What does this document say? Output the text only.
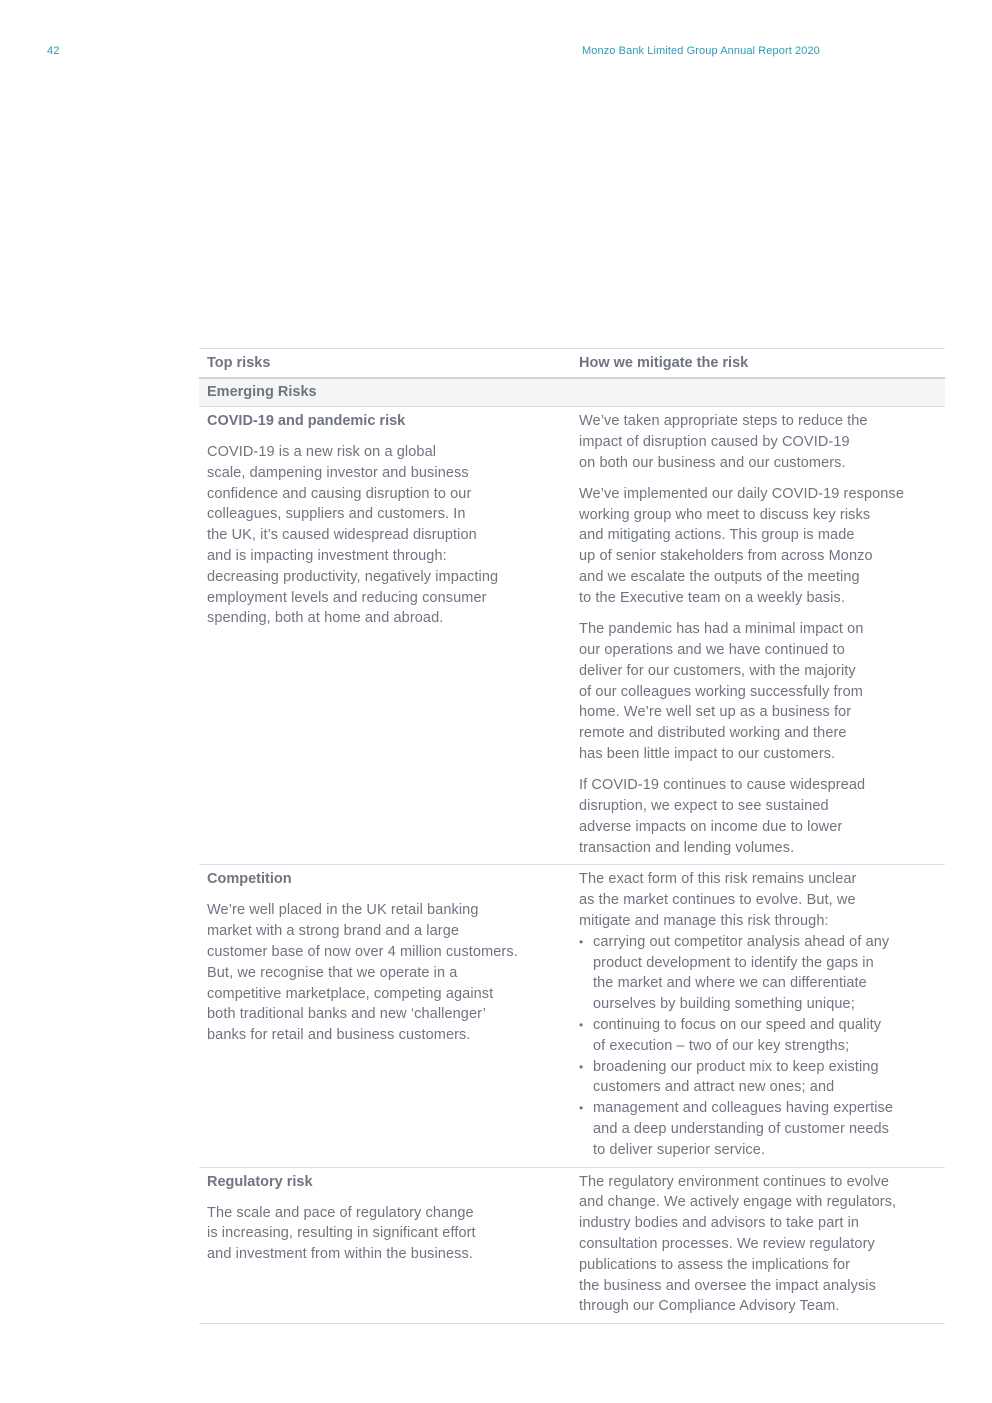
42	Monzo Bank Limited Group Annual Report 2020
Top risks	How we mitigate the risk
Emerging Risks
COVID-19 and pandemic risk
COVID-19 is a new risk on a global
scale, dampening investor and business
confidence and causing disruption to our
colleagues, suppliers and customers. In
the UK, it’s caused widespread disruption
and is impacting investment through:
decreasing productivity, negatively impacting
employment levels and reducing consumer
spending, both at home and abroad.
We’ve taken appropriate steps to reduce the
impact of disruption caused by COVID-19
on both our business and our customers.
We’ve implemented our daily COVID-19 response
working group who meet to discuss key risks
and mitigating actions. This group is made
up of senior stakeholders from across Monzo
and we escalate the outputs of the meeting
to the Executive team on a weekly basis.
The pandemic has had a minimal impact on
our operations and we have continued to
deliver for our customers, with the majority
of our colleagues working successfully from
home. We’re well set up as a business for
remote and distributed working and there
has been little impact to our customers.
If COVID-19 continues to cause widespread
disruption, we expect to see sustained
adverse impacts on income due to lower
transaction and lending volumes.
Competition
We’re well placed in the UK retail banking
market with a strong brand and a large
customer base of now over 4 million customers.
But, we recognise that we operate in a
competitive marketplace, competing against
both traditional banks and new ‘challenger’
banks for retail and business customers.
The exact form of this risk remains unclear
as the market continues to evolve. But, we
mitigate and manage this risk through:
• carrying out competitor analysis ahead of any
product development to identify the gaps in
the market and where we can differentiate
ourselves by building something unique;
• continuing to focus on our speed and quality
of execution – two of our key strengths;
• broadening our product mix to keep existing
customers and attract new ones; and
• management and colleagues having expertise
and a deep understanding of customer needs
to deliver superior service.
Regulatory risk
The scale and pace of regulatory change
is increasing, resulting in significant effort
and investment from within the business.
The regulatory environment continues to evolve
and change. We actively engage with regulators,
industry bodies and advisors to take part in
consultation processes. We review regulatory
publications to assess the implications for
the business and oversee the impact analysis
through our Compliance Advisory Team.
